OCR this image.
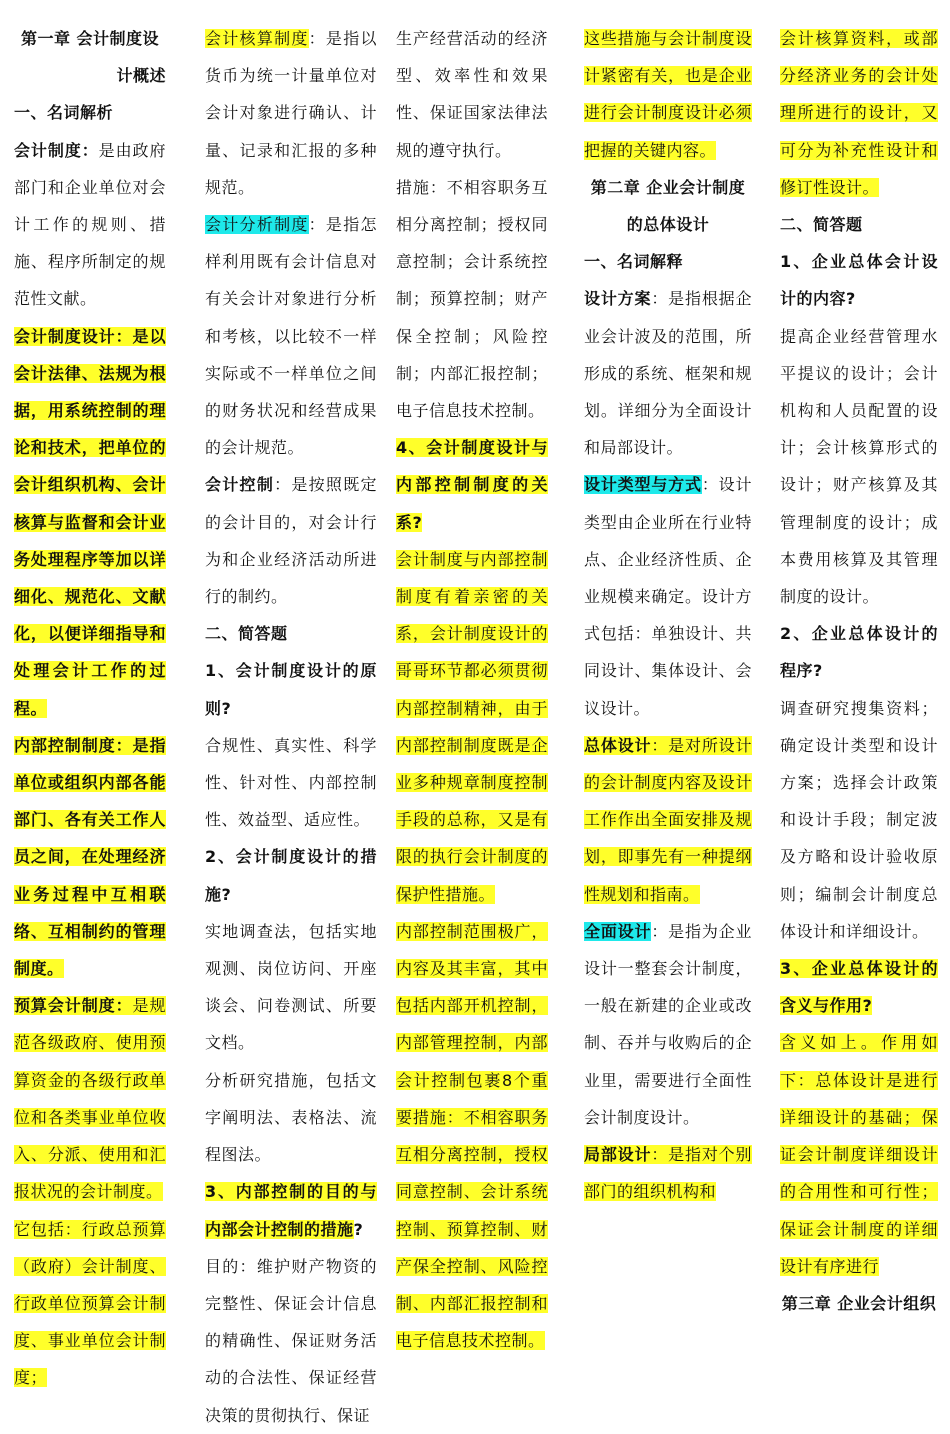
第一章 会计制度设

计概述

一、名词解析

会计制度：是由政府部门和企业单位对会计工作的规则、措施、程序所制定的规范性文献。

会计制度设计：是以会计法律、法规为根据，用系统控制的理论和技术，把单位的会计组织机构、会计核算与监督和会计业务处理程序等加以详细化、规范化、文献化，以便详细指导和处理会计工作的过程。

内部控制制度：是指单位或组织内部各能部门、各有关工作人员之间，在处理经济业务过程中互相联络、互相制约的管理制度。

预算会计制度：是规范各级政府、使用预算资金的各级行政单位和各类事业单位收入、分派、使用和汇报状况的会计制度。

它包括：行政总预算（政府）会计制度、行政单位预算会计制度、事业单位会计制度；

会计核算制度：是指以货币为统一计量单位对会计对象进行确认、计量、记录和汇报的多种规范。

会计分析制度：是指怎样利用既有会计信息对有关会计对象进行分析和考核，以比较不一样实际或不一样单位之间的财务状况和经营成果的会计规范。

会计控制：是按照既定的会计目的，对会计行为和企业经济活动所进行的制约。

二、简答题

1、会计制度设计的原则?

合规性、真实性、科学性、针对性、内部控制性、效益型、适应性。

2、会计制度设计的措施?

实地调查法，包括实地观测、岗位访问、开座谈会、问卷测试、所要文档。

分析研究措施，包括文字阐明法、表格法、流程图法。

3、内部控制的目的与内部会计控制的措施?

目的：维护财产物资的完整性、保证会计信息的精确性、保证财务活动的合法性、保证经营决策的贯彻执行、保证

生产经营活动的经济型、效率性和效果性、保证国家法律法规的遵守执行。

措施：不相容职务互相分离控制；授权同意控制；会计系统控制；预算控制；财产保全控制；风险控制；内部汇报控制；电子信息技术控制。

4、会计制度设计与内部控制制度的关系?

会计制度与内部控制制度有着亲密的关系，会计制度设计的哥哥环节都必须贯彻内部控制精神，由于内部控制制度既是企业多种规章制度控制手段的总称，又是有限的执行会计制度的保护性措施。

内部控制范围极广，内容及其丰富，其中包括内部开机控制，内部管理控制，内部会计控制包裹8个重要措施：不相容职务互相分离控制，授权同意控制、会计系统控制、预算控制、财产保全控制、风险控制、内部汇报控制和电子信息技术控制。

这些措施与会计制度设计紧密有关，也是企业进行会计制度设计必须把握的关键内容。

第二章 企业会计制度

的总体设计

一、名词解释

设计方案：是指根据企业会计波及的范围，所形成的系统、框架和规划。详细分为全面设计和局部设计。

设计类型与方式：设计类型由企业所在行业特点、企业经济性质、企业规模来确定。设计方式包括：单独设计、共同设计、集体设计、会议设计。

总体设计：是对所设计的会计制度内容及设计工作作出全面安排及规划，即事先有一种提纲性规划和指南。

全面设计：是指为企业设计一整套会计制度，一般在新建的企业或改制、吞并与收购后的企业里，需要进行全面性会计制度设计。

局部设计：是指对个别部门的组织机构和

会计核算资料，或部分经济业务的会计处理所进行的设计，又可分为补充性设计和修订性设计。

二、简答题

1、企业总体会计设计的内容?

提高企业经营管理水平提议的设计；会计机构和人员配置的设计；会计核算形式的设计；财产核算及其管理制度的设计；成本费用核算及其管理制度的设计。

2、企业总体设计的程序?

调查研究搜集资料；确定设计类型和设计方案；选择会计政策和设计手段；制定波及方略和设计验收原则；编制会计制度总体设计和详细设计。

3、企业总体设计的含义与作用?

含义如上。作用如下：总体设计是进行详细设计的基础；保证会计制度详细设计的合用性和可行性；保证会计制度的详细设计有序进行

第三章 企业会计组织
